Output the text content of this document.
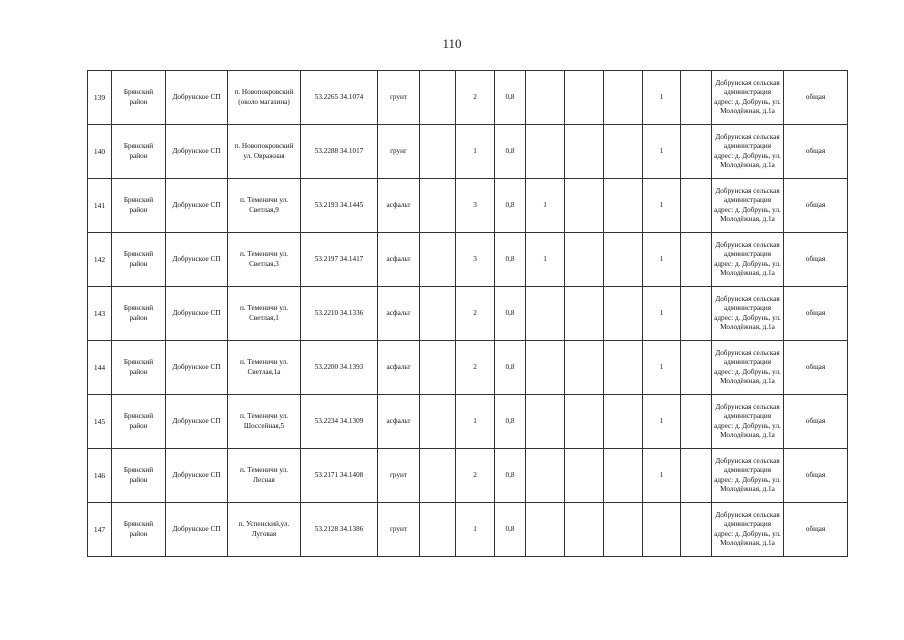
110
139	Брянский район	Добрунское СП	п. Новопокровский (около магазина)	53.2265 34.1074	грунт		2	0,8				1		Добрунская сельская администрация адрес: д. Добрунь, ул. Молодёжная, д.1а	общая
140	Брянский район	Добрунское СП	п. Новопокровский ул. Овражная	53.2288 34.1017	грунг		1	0,8				1		Добрунская сельская администрация адрес: д. Добрунь, ул. Молодёжная, д.1а	общая
141	Брянский район	Добрунское СП	п. Теменичи ул. Светлая,9	53.2193 34.1445	асфальт		3	0,8	1			1		Добрунская сельская администрация адрес: д. Добрунь, ул. Молодёжная, д.1а	общая
142	Брянский район	Добрунское СП	п. Теменичи ул. Светлая,3	53.2197 34.1417	асфальт		3	0,8	1			1		Добрунская сельская администрация адрес: д. Добрунь, ул. Молодёжная, д.1а	общая
143	Брянский район	Добрунское СП	п. Теменичи ул. Светлая,1	53.2210 34.1336	асфальт		2	0,8				1		Добрунская сельская администрация адрес: д. Добрунь, ул. Молодёжная, д.1а	общая
144	Брянский район	Добрунское СП	п. Теменичи ул. Светлая,1а	53.2200 34.1393	асфальт		2	0,8				1		Добрунская сельская администрация адрес: д. Добрунь, ул. Молодёжная, д.1а	общая
145	Брянский район	Добрунское СП	п. Теменичи ул. Шоссейная,5	53.2234 34.1309	асфальт		1	0,8				1		Добрунская сельская администрация адрес: д. Добрунь, ул. Молодёжная, д.1а	общая
146	Брянский район	Добрунское СП	п. Теменичи ул. Лесная	53.2171 34.1408	грунт		2	0,8				1		Добрунская сельская администрация адрес: д. Добрунь, ул. Молодёжная, д.1а	общая
147	Брянский район	Добрунское СП	п. Успенский,ул. Луговая	53.2128 34.1386	грунт		1	0,8						Добрунская сельская администрация адрес: д. Добрунь, ул. Молодёжная, д.1а	общая
